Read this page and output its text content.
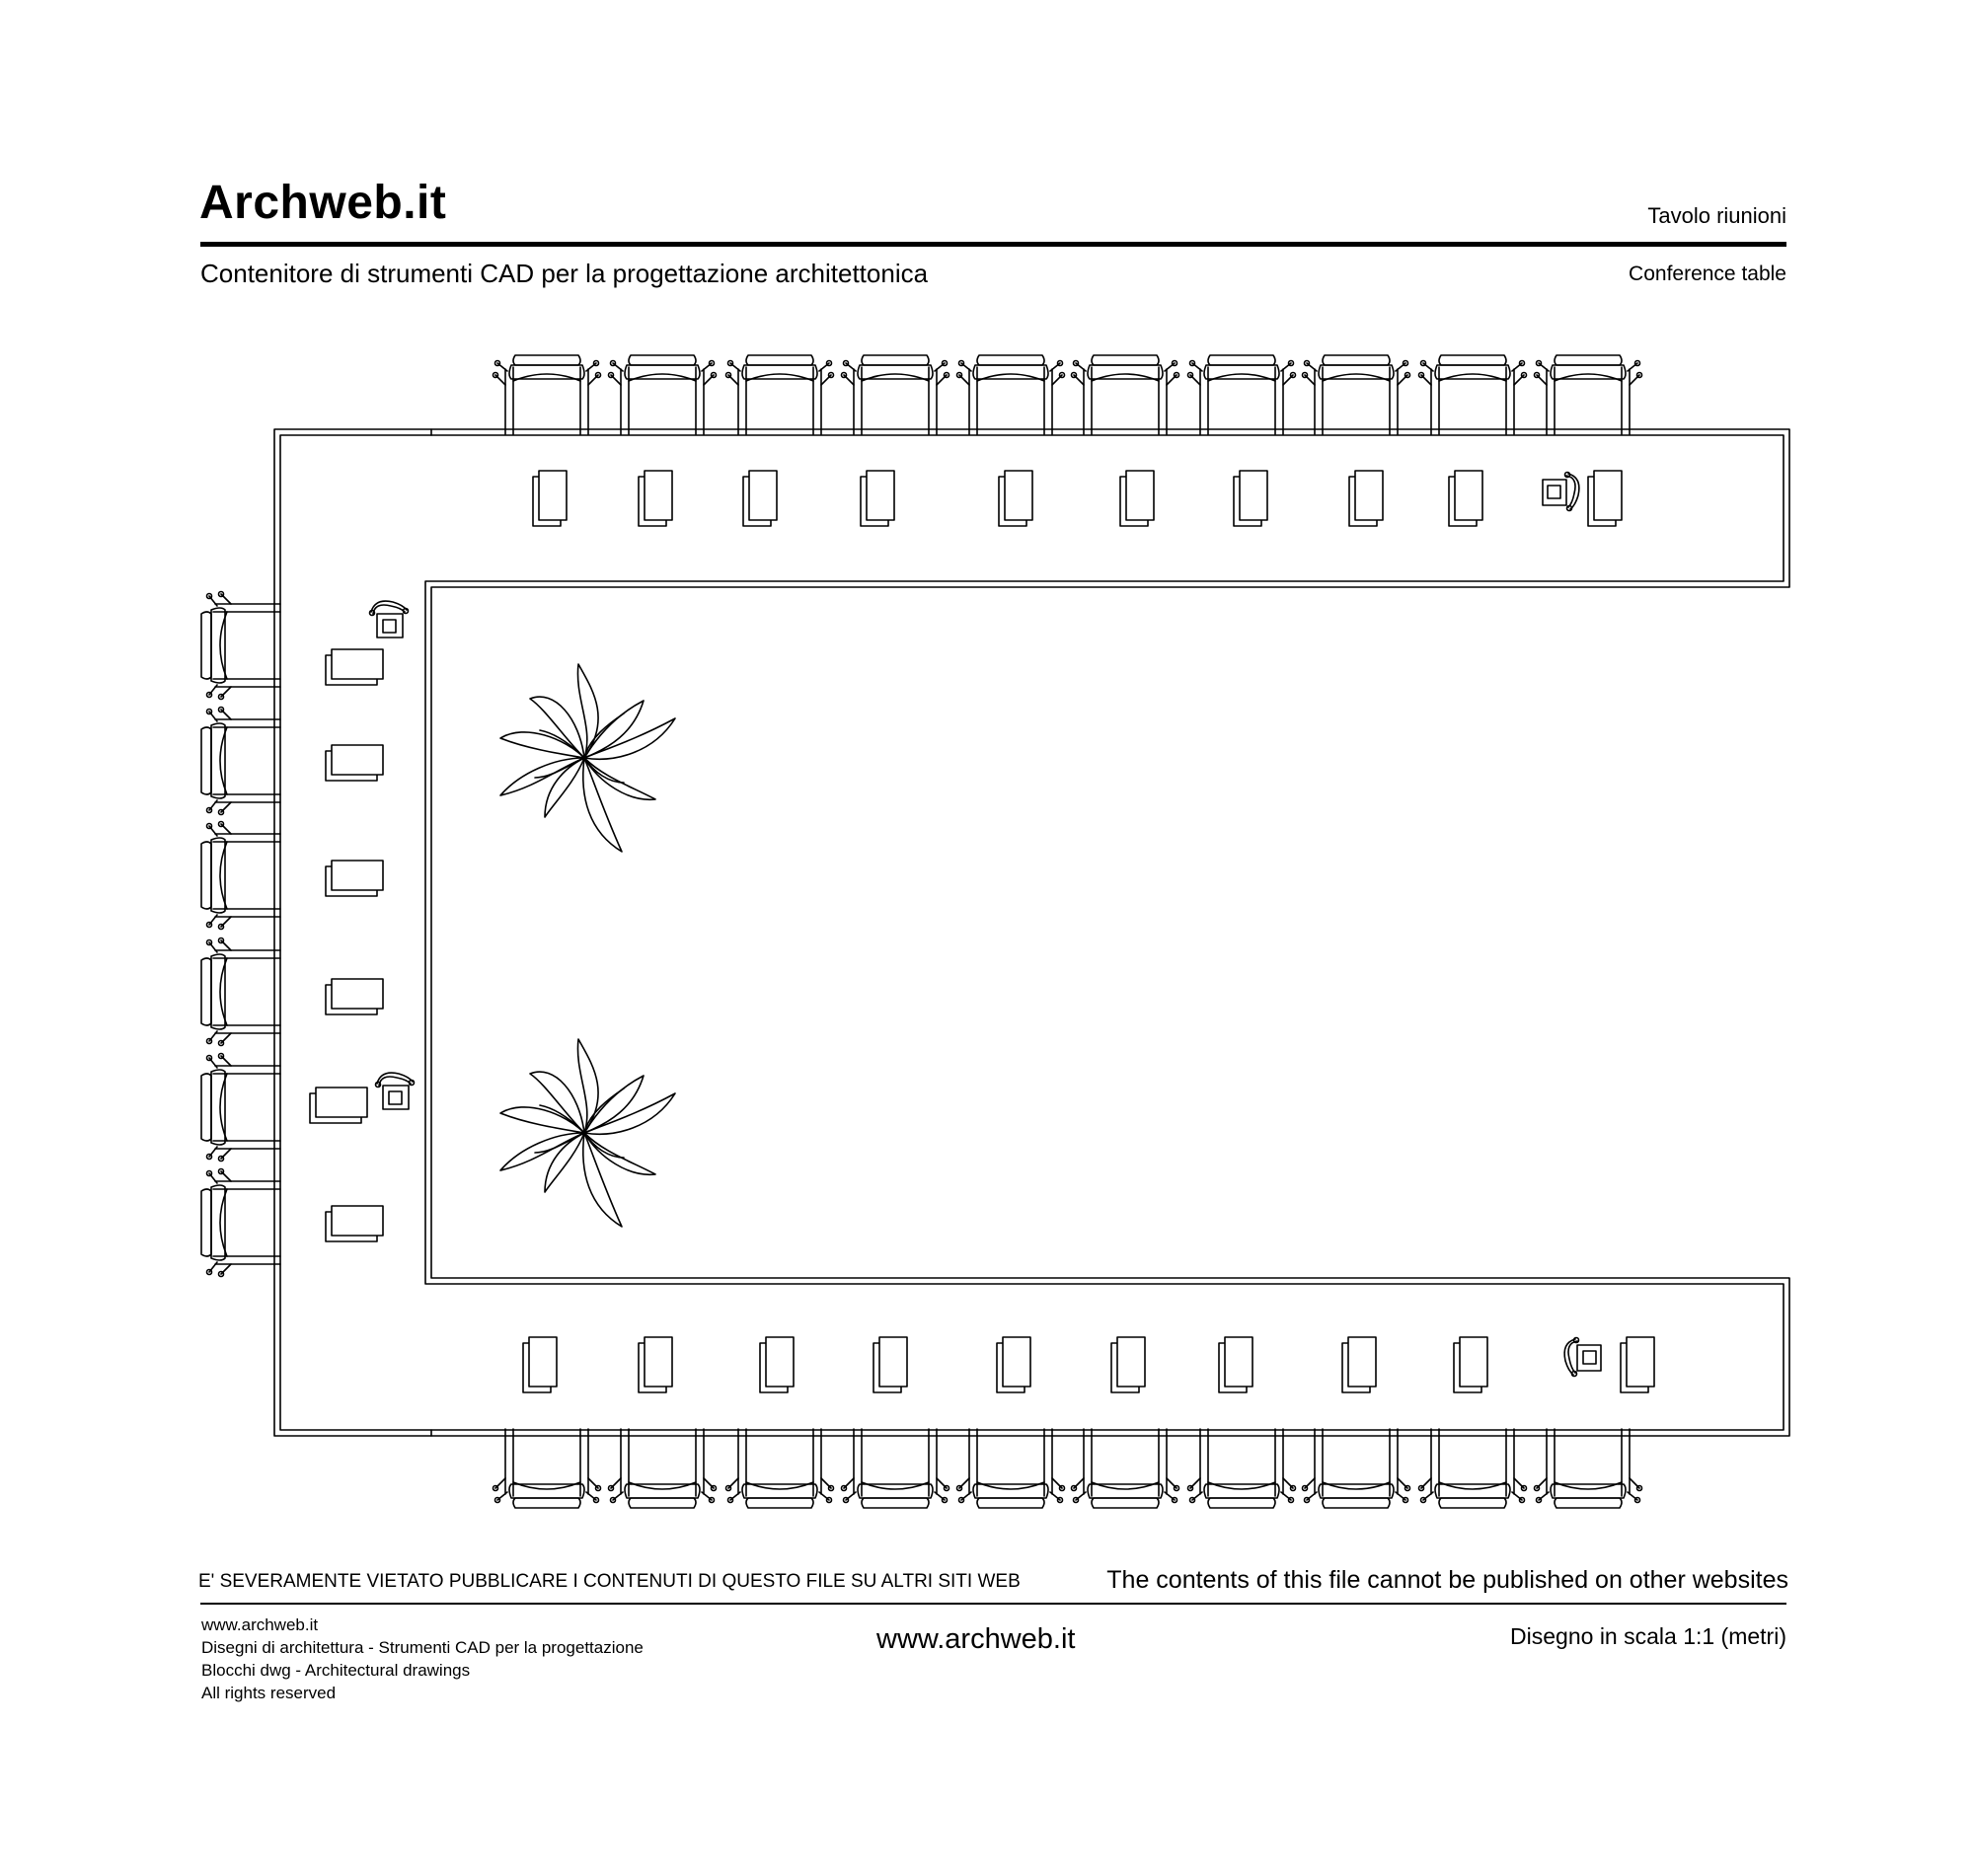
Archweb.it	Tavolo riunioni
Contenitore di strumenti CAD per la progettazione architettonica	Conference table
E' SEVERAMENTE VIETATO PUBBLICARE I CONTENUTI DI QUESTO FILE SU ALTRI SITI WEB	The contents of this file cannot be published on other websites
www.archweb.it
Disegni di architettura - Strumenti CAD per la progettazione
Blocchi dwg - Architectural drawings
All rights reserved
www.archweb.it	Disegno in scala 1:1 (metri)
